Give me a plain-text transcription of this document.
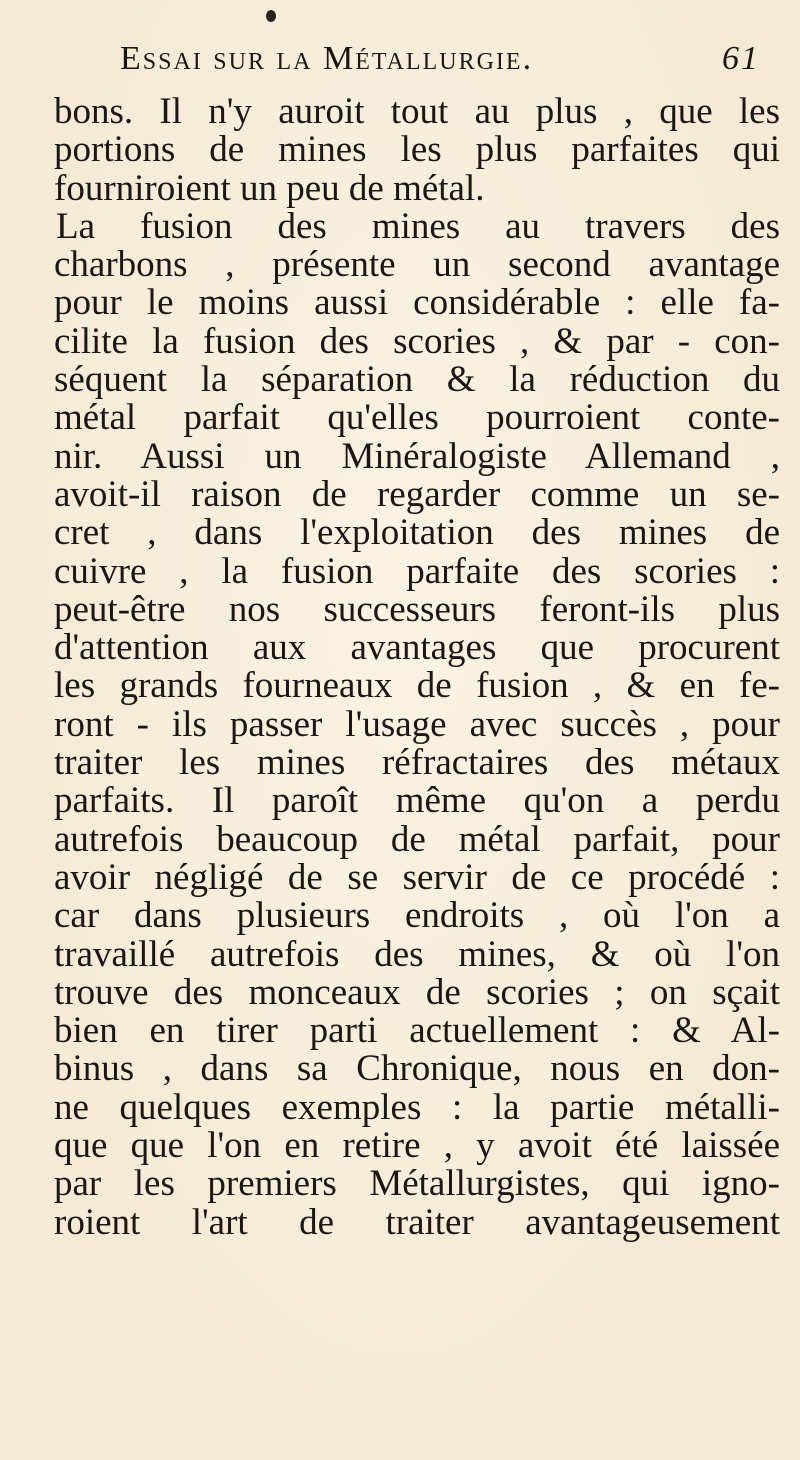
Essai sur la Métallurgie.	61
bons. Il n'y auroit tout au plus , que les
portions de mines les plus parfaites qui
fourniroient un peu de métal.
La fusion des mines au travers des
charbons , présente un second avantage
pour le moins aussi considérable : elle fa-
cilite la fusion des scories , & par - con-
séquent la séparation & la réduction du
métal parfait qu'elles pourroient conte-
nir. Aussi un Minéralogiste Allemand ,
avoit-il raison de regarder comme un se-
cret , dans l'exploitation des mines de
cuivre , la fusion parfaite des scories :
peut-être nos successeurs feront-ils plus
d'attention aux avantages que procurent
les grands fourneaux de fusion , & en fe-
ront - ils passer l'usage avec succès , pour
traiter les mines réfractaires des métaux
parfaits. Il paroît même qu'on a perdu
autrefois beaucoup de métal parfait, pour
avoir négligé de se servir de ce procédé :
car dans plusieurs endroits , où l'on a
travaillé autrefois des mines, & où l'on
trouve des monceaux de scories ; on sçait
bien en tirer parti actuellement : & Al-
binus , dans sa Chronique, nous en don-
ne quelques exemples : la partie métalli-
que que l'on en retire , y avoit été laissée
par les premiers Métallurgistes, qui igno-
roient l'art de traiter avantageusement
